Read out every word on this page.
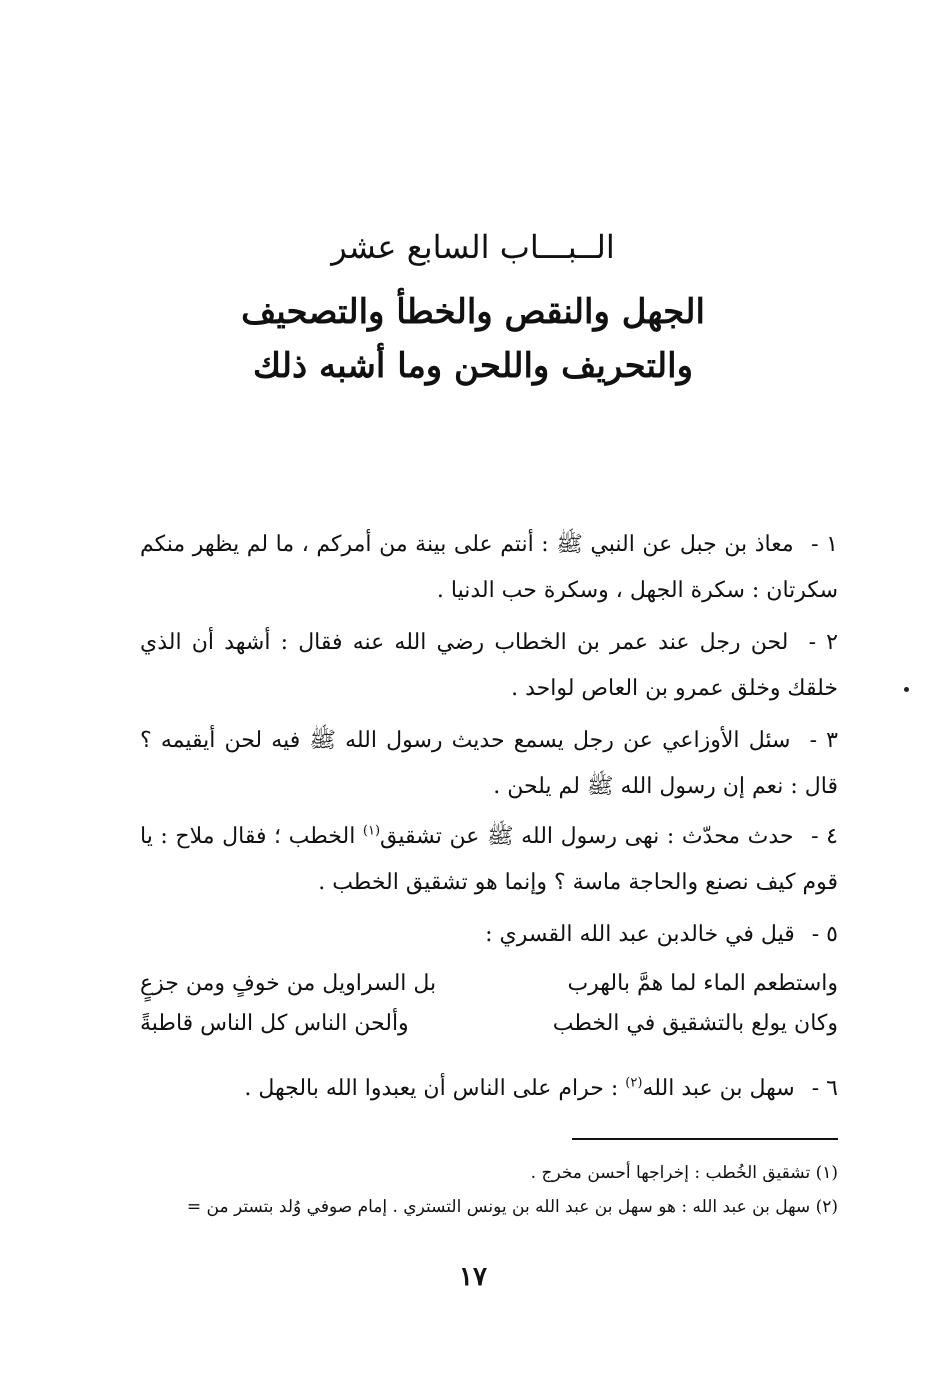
الــبـــاب السابع عشر
الجهل والنقص والخطأ والتصحيف
والتحريف واللحن وما أشبه ذلك
١ - معاذ بن جبل عن النبي ﷺ : أنتم على بينة من أمركم ، ما لم يظهر منكم سكرتان : سكرة الجهل ، وسكرة حب الدنيا .
٢ - لحن رجل عند عمر بن الخطاب رضي الله عنه فقال : أشهد أن الذي خلقك وخلق عمرو بن العاص لواحد .
٣ - سئل الأوزاعي عن رجل يسمع حديث رسول الله ﷺ فيه لحن أيقيمه ؟ قال : نعم إن رسول الله ﷺ لم يلحن .
٤ - حدث محدّث : نهى رسول الله ﷺ عن تشقيق$^{(١)}$ الخطب ؛ فقال ملاح : يا قوم كيف نصنع والحاجة ماسة ؟ وإنما هو تشقيق الخطب .
٥ - قيل في خالدبن عبد الله القسري :
واستطعم الماء لما همَّ بالهرب
بل السراويل من خوفٍ ومن جزعٍ
وكان يولع بالتشقيق في الخطب
وألحن الناس كل الناس قاطبةً
٦ - سهل بن عبد الله$^{(٢)}$ : حرام على الناس أن يعبدوا الله بالجهل .
(١) تشقيق الخُطب : إخراجها أحسن مخرج .
(٢) سهل بن عبد الله : هو سهل بن عبد الله بن يونس التستري . إمام صوفي وُلد بتستر من =
١٧
